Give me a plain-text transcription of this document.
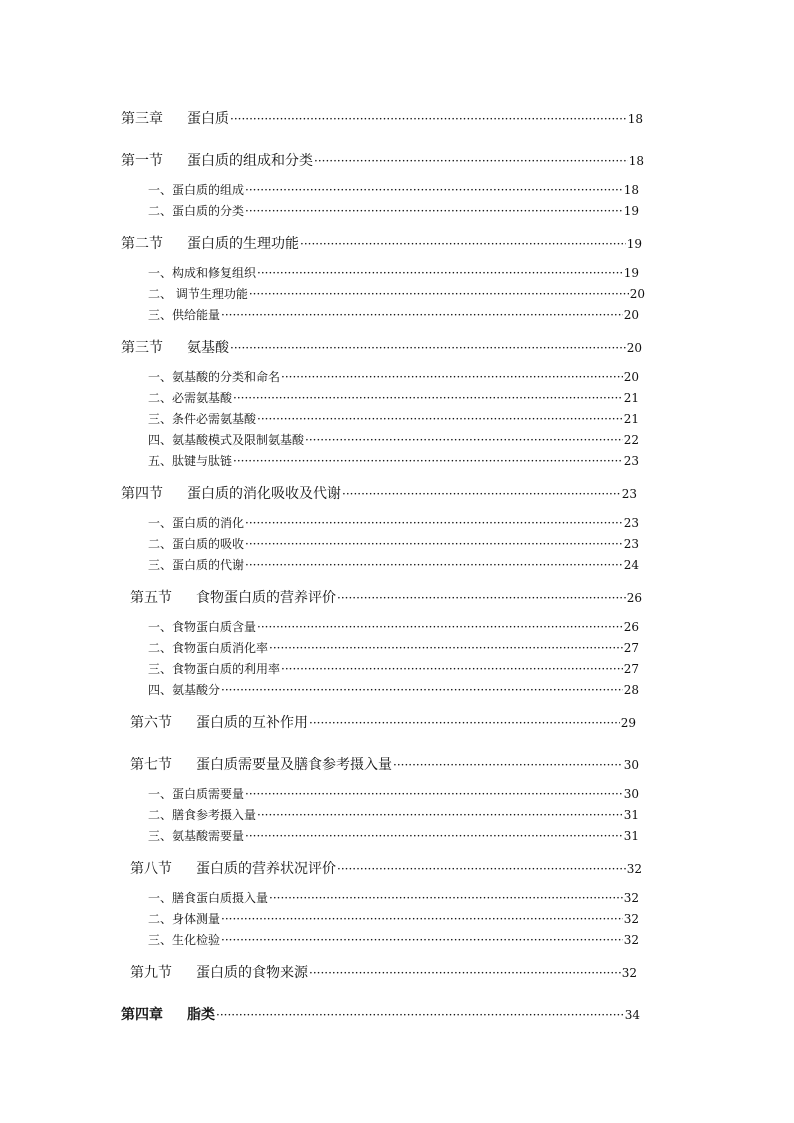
第三章 蛋白质 ·····	18
第一节 蛋白质的组成和分类 ·····	18
一、蛋白质的组成 ·····	18
二、蛋白质的分类 ·····	19
第二节 蛋白质的生理功能 ·····	19
一、构成和修复组织 ·····	19
二、 调节生理功能 ·····	20
三、供给能量 ·····	20
第三节 氨基酸 ·····	20
一、氨基酸的分类和命名 ·····	20
二、必需氨基酸 ·····	21
三、条件必需氨基酸 ·····	21
四、氨基酸模式及限制氨基酸 ·····	22
五、肽键与肽链 ·····	23
第四节 蛋白质的消化吸收及代谢 ·····	23
一、蛋白质的消化 ·····	23
二、蛋白质的吸收 ·····	23
三、蛋白质的代谢 ·····	24
第五节 食物蛋白质的营养评价 ·····	26
一、食物蛋白质含量 ·····	26
二、食物蛋白质消化率 ·····	27
三、食物蛋白质的利用率 ·····	27
四、氨基酸分 ·····	28
第六节 蛋白质的互补作用 ·····	29
第七节 蛋白质需要量及膳食参考摄入量 ·····	30
一、蛋白质需要量 ·····	30
二、膳食参考摄入量 ·····	31
三、氨基酸需要量 ·····	31
第八节 蛋白质的营养状况评价 ·····	32
一、膳食蛋白质摄入量 ·····	32
二、身体测量 ·····	32
三、生化检验 ·····	32
第九节 蛋白质的食物来源 ·····	32
第四章 脂类 ·····	34
